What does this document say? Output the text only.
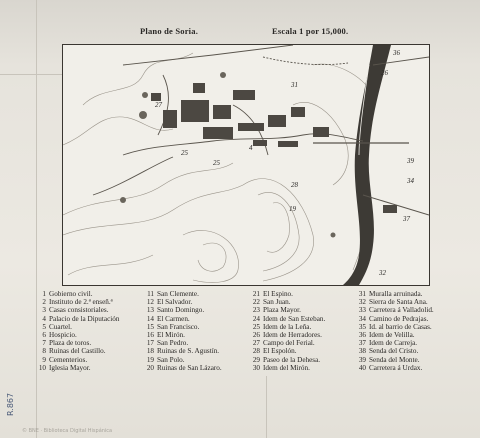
Plano de Soria.	Escala 1 por 15,000.
27
26
4
25
31
32
28
39
34
37
19
25
36
1 Gobierno civil.
2 Instituto de 2.ª enseñ.ª
3 Casas consistoriales.
4 Palacio de la Diputación
5 Cuartel.
6 Hospicio.
7 Plaza de toros.
8 Ruinas del Castillo.
9 Cementerios.
10 Iglesia Mayor.
11 San Clemente.
12 El Salvador.
13 Santo Domingo.
14 El Carmen.
15 San Francisco.
16 El Mirón.
17 San Pedro.
18 Ruinas de S. Agustín.
19 San Polo.
20 Ruinas de San Lázaro.
21 El Espino.
22 San Juan.
23 Plaza Mayor.
24 Idem de San Esteban.
25 Idem de la Leña.
26 Idem de Herradores.
27 Campo del Ferial.
28 El Espolón.
29 Paseo de la Dehesa.
30 Idem del Mirón.
31 Muralla arruinada.
32 Sierra de Santa Ana.
33 Carretera á Valladolid.
34 Camino de Pedrajas.
35 Id. al barrio de Casas.
36 Idem de Velilla.
37 Idem de Carreja.
38 Senda del Cristo.
39 Senda del Monte.
40 Carretera á Urdax.
R.867
© BNE · Biblioteca Digital Hispánica
